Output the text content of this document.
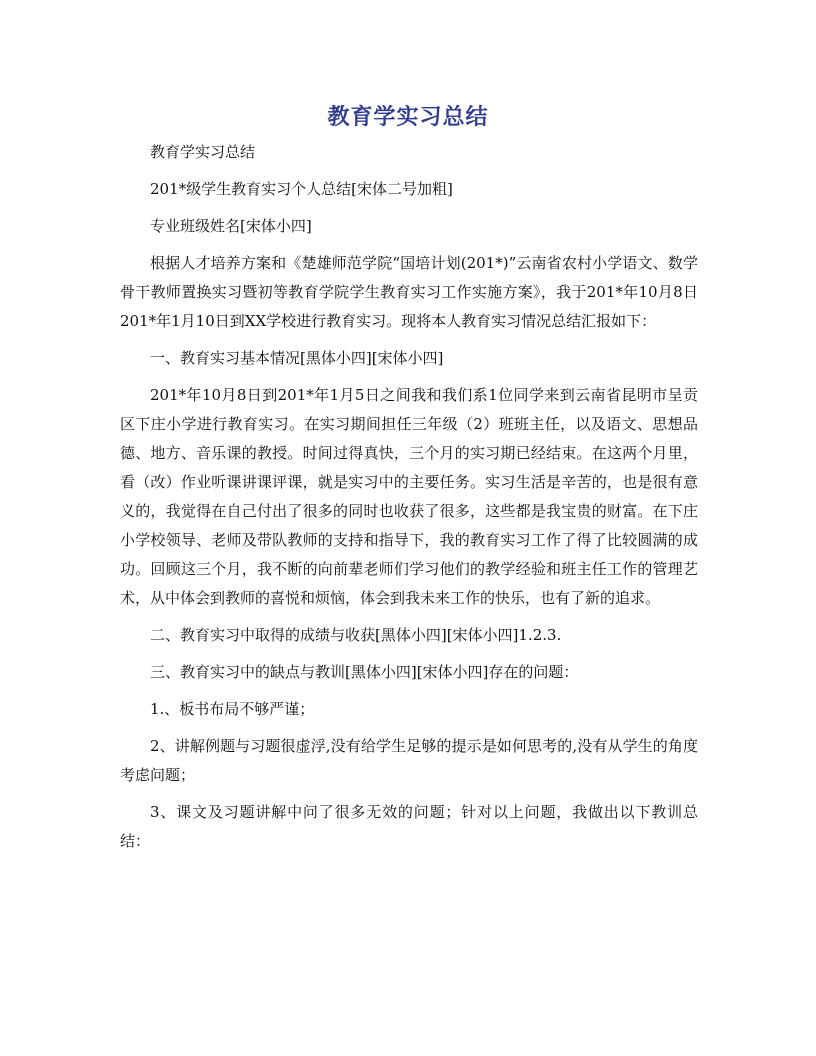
教育学实习总结

教育学实习总结

201*级学生教育实习个人总结[宋体二号加粗]

专业班级姓名[宋体小四]

根据人才培养方案和《楚雄师范学院“国培计划(201*)”云南省农村小学语文、数学骨干教师置换实习暨初等教育学院学生教育实习工作实施方案》，我于201*年10月8日201*年1月10日到XX学校进行教育实习。现将本人教育实习情况总结汇报如下：

一、教育实习基本情况[黑体小四][宋体小四]

201*年10月8日到201*年1月5日之间我和我们系1位同学来到云南省昆明市呈贡区下庄小学进行教育实习。在实习期间担任三年级（2）班班主任，以及语文、思想品德、地方、音乐课的教授。时间过得真快，三个月的实习期已经结束。在这两个月里，看（改）作业听课讲课评课，就是实习中的主要任务。实习生活是辛苦的，也是很有意义的，我觉得在自己付出了很多的同时也收获了很多，这些都是我宝贵的财富。在下庄小学校领导、老师及带队教师的支持和指导下，我的教育实习工作了得了比较圆满的成功。回顾这三个月，我不断的向前辈老师们学习他们的教学经验和班主任工作的管理艺术，从中体会到教师的喜悦和烦恼，体会到我未来工作的快乐，也有了新的追求。

二、教育实习中取得的成绩与收获[黑体小四][宋体小四]1.2.3.

三、教育实习中的缺点与教训[黑体小四][宋体小四]存在的问题：

1.、板书布局不够严谨；

2、讲解例题与习题很虚浮,没有给学生足够的提示是如何思考的,没有从学生的角度考虑问题；

3、课文及习题讲解中问了很多无效的问题；针对以上问题，我做出以下教训总结：
